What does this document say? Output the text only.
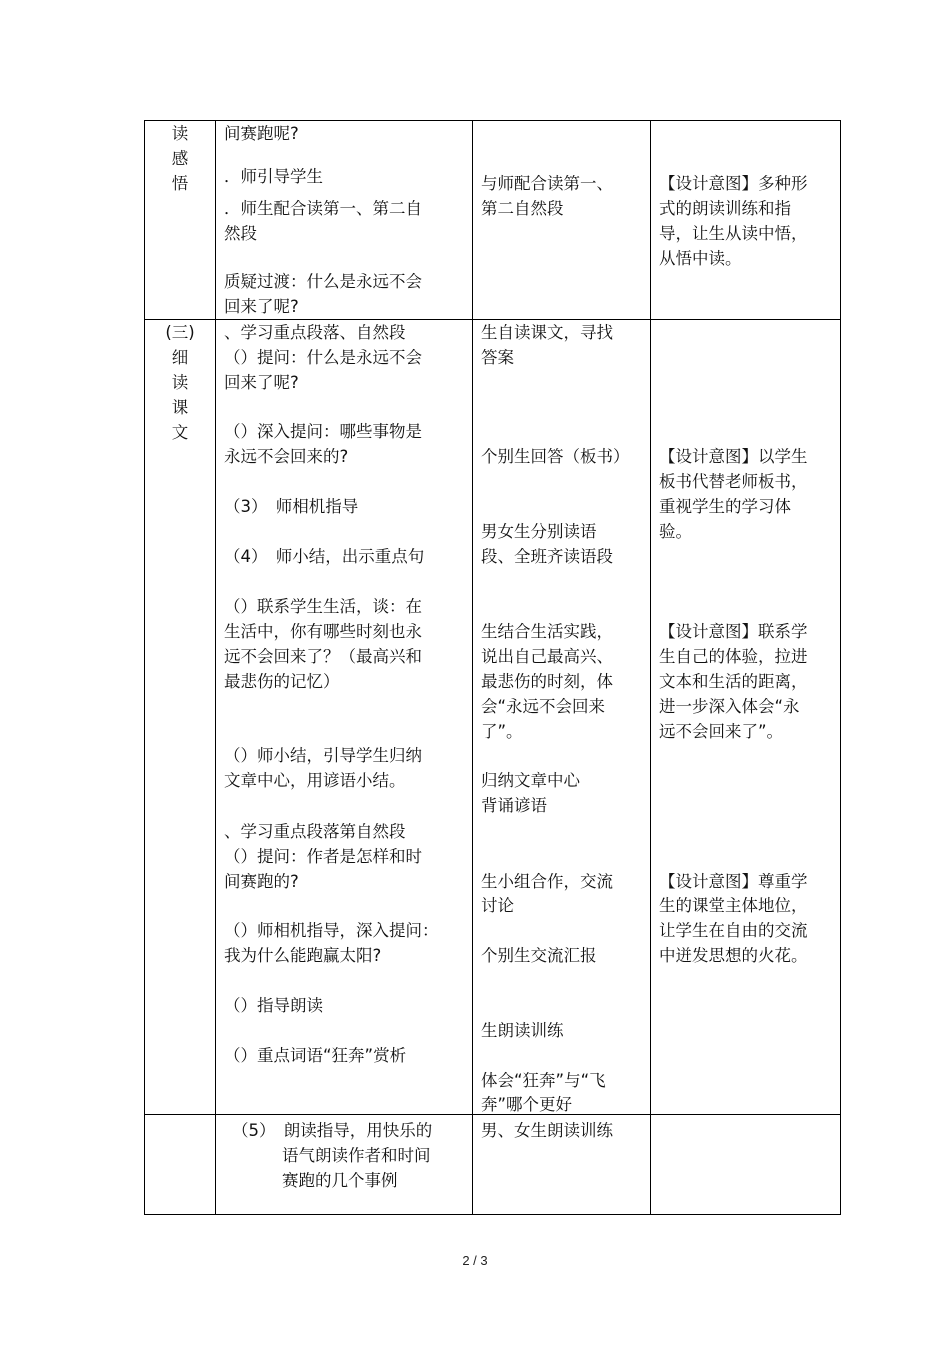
读
感
悟
间赛跑呢?
．师引导学生
．师生配合读第一、第二自
然段
质疑过渡：什么是永远不会
回来了呢?
与师配合读第一、
第二自然段
【设计意图】多种形
式的朗读训练和指
导，让生从读中悟，
从悟中读。
(三)
细
读
课
文
、学习重点段落、自然段
（）提问：什么是永远不会
回来了呢?
（）深入提问：哪些事物是
永远不会回来的?
（3）　师相机指导
（4）　师小结，出示重点句
（）联系学生生活，谈：在
生活中，你有哪些时刻也永
远不会回来了？（最高兴和
最悲伤的记忆）
（）师小结，引导学生归纳
文章中心，用谚语小结。
、学习重点段落第自然段
（）提问：作者是怎样和时
间赛跑的?
（）师相机指导，深入提问：
我为什么能跑赢太阳?
（）指导朗读
（）重点词语“狂奔”赏析
生自读课文，寻找
答案
个别生回答（板书）
男女生分别读语
段、全班齐读语段
生结合生活实践，
说出自己最高兴、
最悲伤的时刻，体
会“永远不会回来
了”。
归纳文章中心
背诵谚语
生小组合作，交流
讨论
个别生交流汇报
生朗读训练
体会“狂奔”与“飞
奔”哪个更好
【设计意图】以学生
板书代替老师板书，
重视学生的学习体
验。
【设计意图】联系学
生自己的体验，拉进
文本和生活的距离，
进一步深入体会“永
远不会回来了”。
【设计意图】尊重学
生的课堂主体地位，
让学生在自由的交流
中迸发思想的火花。
（5）　朗读指导，用快乐的
语气朗读作者和时间
赛跑的几个事例
男、女生朗读训练
2 / 3
